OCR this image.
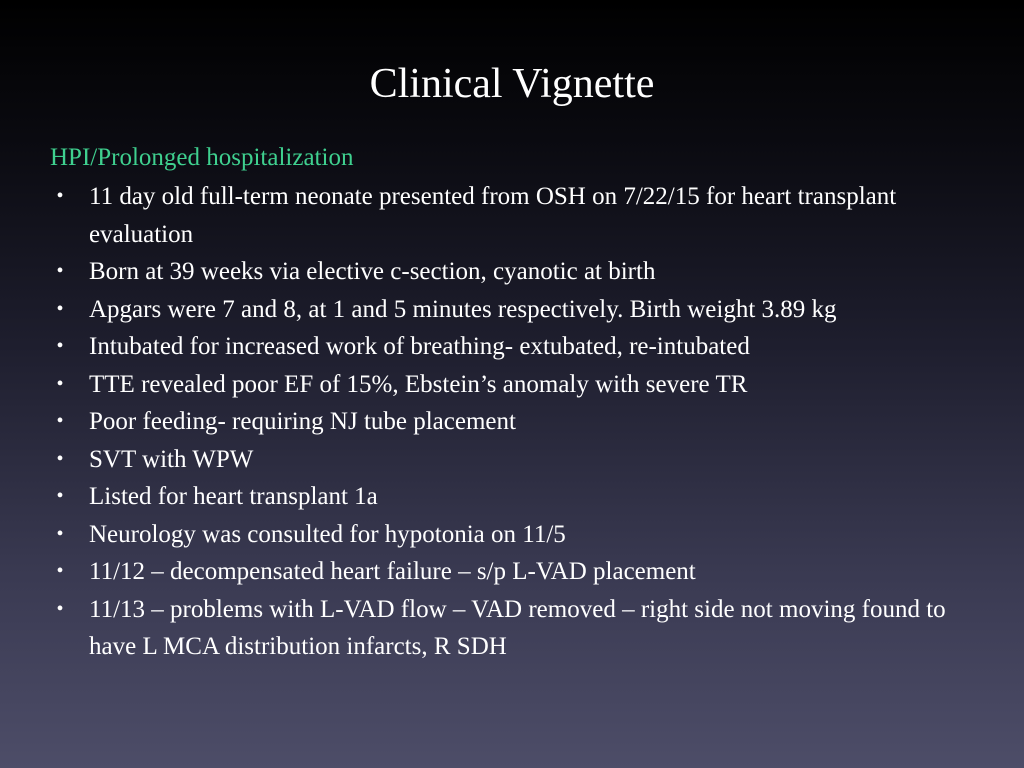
Clinical Vignette
HPI/Prolonged hospitalization
• 11 day old full-term neonate presented from OSH on 7/22/15 for heart transplant evaluation
• Born at 39 weeks via elective c-section, cyanotic at birth
• Apgars were 7 and 8, at 1 and 5 minutes respectively. Birth weight 3.89 kg
• Intubated for increased work of breathing- extubated, re-intubated
• TTE revealed poor EF of 15%, Ebstein’s anomaly with severe TR
• Poor feeding- requiring NJ tube placement
• SVT with WPW
• Listed for heart transplant 1a
• Neurology was consulted for hypotonia on 11/5
• 11/12 – decompensated heart failure – s/p L-VAD placement
• 11/13 – problems with L-VAD flow – VAD removed – right side not moving found to have L MCA distribution infarcts, R SDH
